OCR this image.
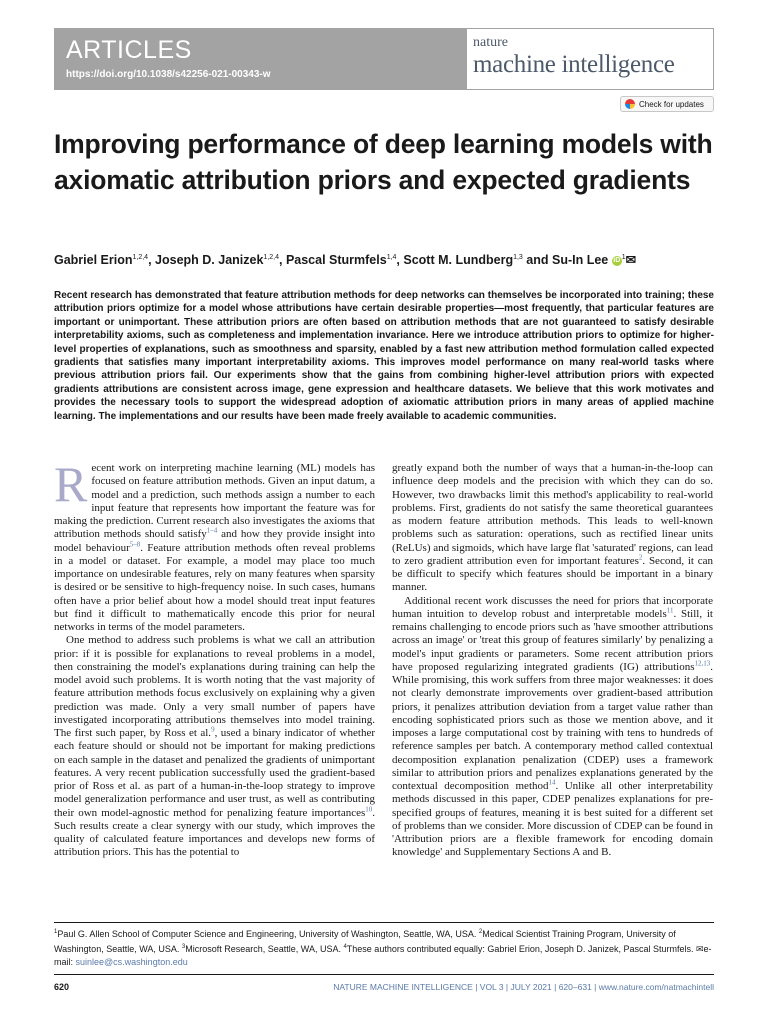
ARTICLES
https://doi.org/10.1038/s42256-021-00343-w
nature
machine intelligence
Check for updates
Improving performance of deep learning models with axiomatic attribution priors and expected gradients
Gabriel Erion$^{1,2,4}$, Joseph D. Janizek$^{1,2,4}$, Pascal Sturmfels$^{1,4}$, Scott M. Lundberg$^{1,3}$ and Su-In Lee iD $^1$✉

Recent research has demonstrated that feature attribution methods for deep networks can themselves be incorporated into training; these attribution priors optimize for a model whose attributions have certain desirable properties—most frequently, that particular features are important or unimportant. These attribution priors are often based on attribution methods that are not guaranteed to satisfy desirable interpretability axioms, such as completeness and implementation invariance. Here we introduce attribution priors to optimize for higher-level properties of explanations, such as smoothness and sparsity, enabled by a fast new attribution method formulation called expected gradients that satisfies many important interpretability axioms. This improves model performance on many real-world tasks where previous attribution priors fail. Our experiments show that the gains from combining higher-level attribution priors with expected gradients attributions are consistent across image, gene expression and healthcare datasets. We believe that this work motivates and provides the necessary tools to support the widespread adoption of axiomatic attribution priors in many areas of applied machine learning. The implementations and our results have been made freely available to academic communities.

Recent work on interpreting machine learning (ML) models has focused on feature attribution methods. Given an input datum, a model and a prediction, such methods assign a number to each input feature that represents how important the feature was for making the prediction. Current research also investigates the axioms that attribution methods should satisfy$^{1-4}$ and how they provide insight into model behaviour$^{5-8}$. Feature attribution methods often reveal problems in a model or dataset. For example, a model may place too much importance on undesirable features, rely on many features when sparsity is desired or be sensitive to high-frequency noise. In such cases, humans often have a prior belief about how a model should treat input features but find it difficult to mathematically encode this prior for neural networks in terms of the model parameters.

One method to address such problems is what we call an attribution prior: if it is possible for explanations to reveal problems in a model, then constraining the model's explanations during training can help the model avoid such problems. It is worth noting that the vast majority of feature attribution methods focus exclusively on explaining why a given prediction was made. Only a very small number of papers have investigated incorporating attributions themselves into model training. The first such paper, by Ross et al.$^9$, used a binary indicator of whether each feature should or should not be important for making predictions on each sample in the dataset and penalized the gradients of unimportant features. A very recent publication successfully used the gradient-based prior of Ross et al. as part of a human-in-the-loop strategy to improve model generalization performance and user trust, as well as contributing their own model-agnostic method for penalizing feature importances$^{10}$. Such results create a clear synergy with our study, which improves the quality of calculated feature importances and develops new forms of attribution priors. This has the potential to

greatly expand both the number of ways that a human-in-the-loop can influence deep models and the precision with which they can do so. However, two drawbacks limit this method's applicability to real-world problems. First, gradients do not satisfy the same theoretical guarantees as modern feature attribution methods. This leads to well-known problems such as saturation: operations, such as rectified linear units (ReLUs) and sigmoids, which have large flat 'saturated' regions, can lead to zero gradient attribution even for important features$^2$. Second, it can be difficult to specify which features should be important in a binary manner.

Additional recent work discusses the need for priors that incorporate human intuition to develop robust and interpretable models$^{11}$. Still, it remains challenging to encode priors such as 'have smoother attributions across an image' or 'treat this group of features similarly' by penalizing a model's input gradients or parameters. Some recent attribution priors have proposed regularizing integrated gradients (IG) attributions$^{12,13}$. While promising, this work suffers from three major weaknesses: it does not clearly demonstrate improvements over gradient-based attribution priors, it penalizes attribution deviation from a target value rather than encoding sophisticated priors such as those we mention above, and it imposes a large computational cost by training with tens to hundreds of reference samples per batch. A contemporary method called contextual decomposition explanation penalization (CDEP) uses a framework similar to attribution priors and penalizes explanations generated by the contextual decomposition method$^{14}$. Unlike all other interpretability methods discussed in this paper, CDEP penalizes explanations for pre-specified groups of features, meaning it is best suited for a different set of problems than we consider. More discussion of CDEP can be found in 'Attribution priors are a flexible framework for encoding domain knowledge' and Supplementary Sections A and B.

$^1$Paul G. Allen School of Computer Science and Engineering, University of Washington, Seattle, WA, USA. $^2$Medical Scientist Training Program, University of Washington, Seattle, WA, USA. $^3$Microsoft Research, Seattle, WA, USA. $^4$These authors contributed equally: Gabriel Erion, Joseph D. Janizek, Pascal Sturmfels. ✉e-mail: suinlee@cs.washington.edu
620	NATURE MACHINE INTELLIGENCE | VOL 3 | JULY 2021 | 620–631 | www.nature.com/natmachintell
